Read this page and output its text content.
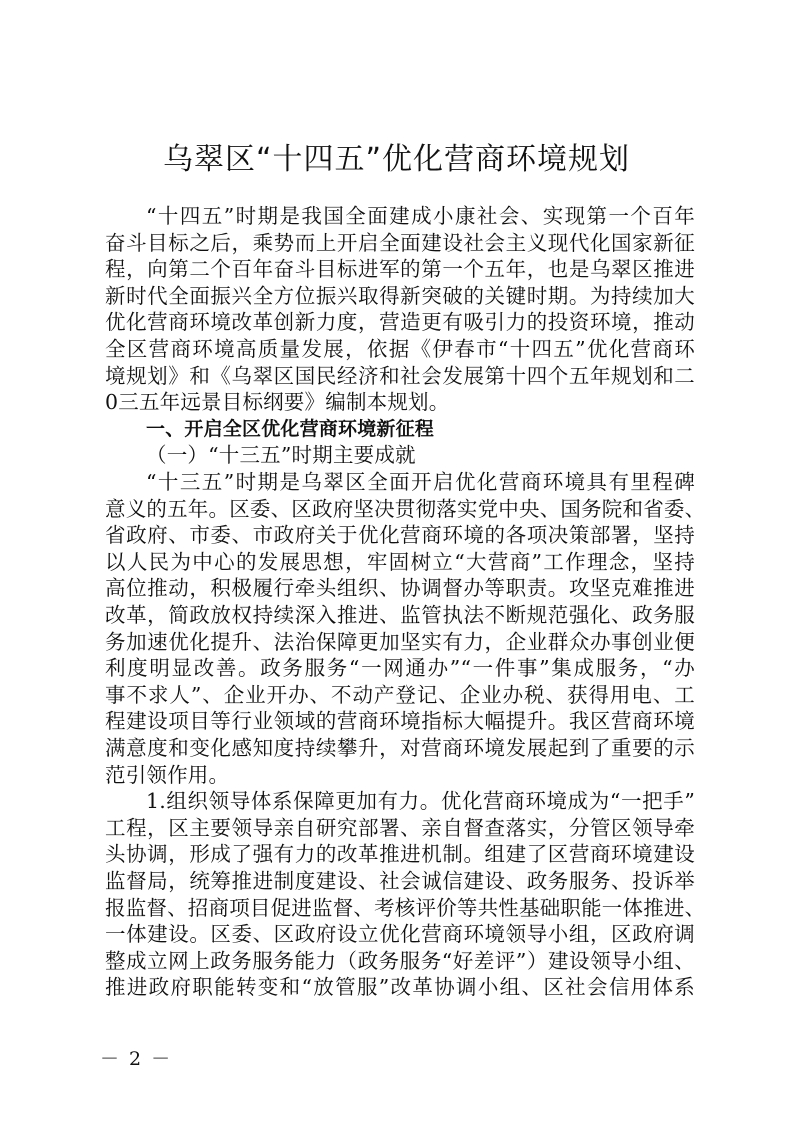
乌翠区“十四五”优化营商环境规划
“十四五”时期是我国全面建成小康社会、实现第一个百年
奋斗目标之后，乘势而上开启全面建设社会主义现代化国家新征
程，向第二个百年奋斗目标进军的第一个五年，也是乌翠区推进
新时代全面振兴全方位振兴取得新突破的关键时期。为持续加大
优化营商环境改革创新力度，营造更有吸引力的投资环境，推动
全区营商环境高质量发展，依据《伊春市“十四五”优化营商环
境规划》和《乌翠区国民经济和社会发展第十四个五年规划和二
0三五年远景目标纲要》编制本规划。
一、开启全区优化营商环境新征程
（一）“十三五”时期主要成就
“十三五”时期是乌翠区全面开启优化营商环境具有里程碑
意义的五年。区委、区政府坚决贯彻落实党中央、国务院和省委、
省政府、市委、市政府关于优化营商环境的各项决策部署，坚持
以人民为中心的发展思想，牢固树立“大营商”工作理念，坚持
高位推动，积极履行牵头组织、协调督办等职责。攻坚克难推进
改革，简政放权持续深入推进、监管执法不断规范强化、政务服
务加速优化提升、法治保障更加坚实有力，企业群众办事创业便
利度明显改善。政务服务“一网通办”“一件事”集成服务，“办
事不求人”、企业开办、不动产登记、企业办税、获得用电、工
程建设项目等行业领域的营商环境指标大幅提升。我区营商环境
满意度和变化感知度持续攀升，对营商环境发展起到了重要的示
范引领作用。
1.组织领导体系保障更加有力。优化营商环境成为“一把手”
工程，区主要领导亲自研究部署、亲自督查落实，分管区领导牵
头协调，形成了强有力的改革推进机制。组建了区营商环境建设
监督局，统筹推进制度建设、社会诚信建设、政务服务、投诉举
报监督、招商项目促进监督、考核评价等共性基础职能一体推进、
一体建设。区委、区政府设立优化营商环境领导小组，区政府调
整成立网上政务服务能力（政务服务“好差评”）建设领导小组、
推进政府职能转变和“放管服”改革协调小组、区社会信用体系
－ 2 －
